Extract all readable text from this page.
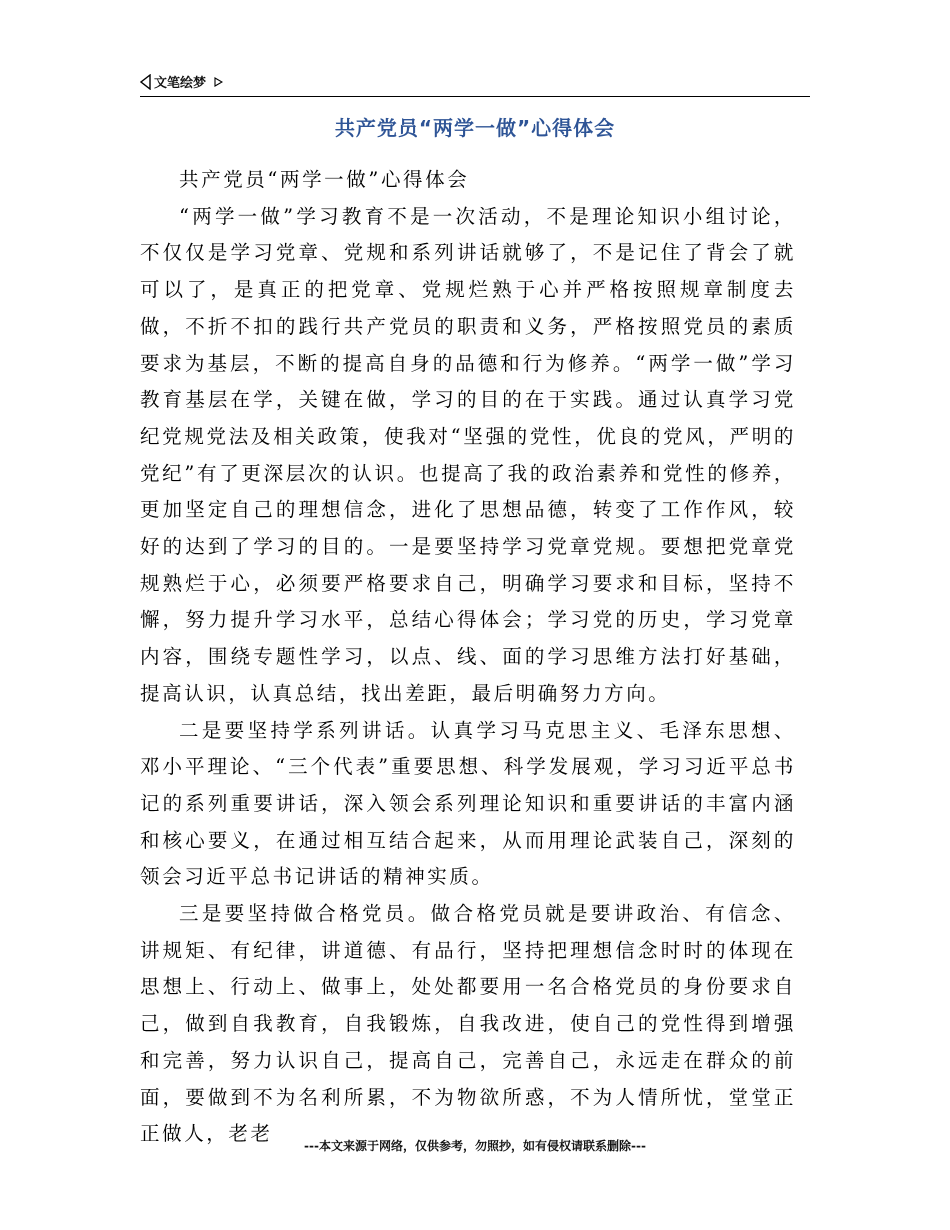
文笔绘梦
共产党员“两学一做”心得体会

共产党员“两学一做”心得体会

“两学一做”学习教育不是一次活动，不是理论知识小组讨论，不仅仅是学习党章、党规和系列讲话就够了，不是记住了背会了就可以了，是真正的把党章、党规烂熟于心并严格按照规章制度去做，不折不扣的践行共产党员的职责和义务，严格按照党员的素质要求为基层，不断的提高自身的品德和行为修养。“两学一做”学习教育基层在学，关键在做，学习的目的在于实践。通过认真学习党纪党规党法及相关政策，使我对“坚强的党性，优良的党风，严明的党纪”有了更深层次的认识。也提高了我的政治素养和党性的修养，更加坚定自己的理想信念，进化了思想品德，转变了工作作风，较好的达到了学习的目的。一是要坚持学习党章党规。要想把党章党规熟烂于心，必须要严格要求自己，明确学习要求和目标，坚持不懈，努力提升学习水平，总结心得体会；学习党的历史，学习党章内容，围绕专题性学习，以点、线、面的学习思维方法打好基础，提高认识，认真总结，找出差距，最后明确努力方向。

二是要坚持学系列讲话。认真学习马克思主义、毛泽东思想、邓小平理论、“三个代表”重要思想、科学发展观，学习习近平总书记的系列重要讲话，深入领会系列理论知识和重要讲话的丰富内涵和核心要义，在通过相互结合起来，从而用理论武装自己，深刻的领会习近平总书记讲话的精神实质。

三是要坚持做合格党员。做合格党员就是要讲政治、有信念、讲规矩、有纪律，讲道德、有品行，坚持把理想信念时时的体现在思想上、行动上、做事上，处处都要用一名合格党员的身份要求自己，做到自我教育，自我锻炼，自我改进，使自己的党性得到增强和完善，努力认识自己，提高自己，完善自己，永远走在群众的前面，要做到不为名利所累，不为物欲所惑，不为人情所忧，堂堂正正做人，老老

---本文来源于网络，仅供参考，勿照抄，如有侵权请联系删除---
